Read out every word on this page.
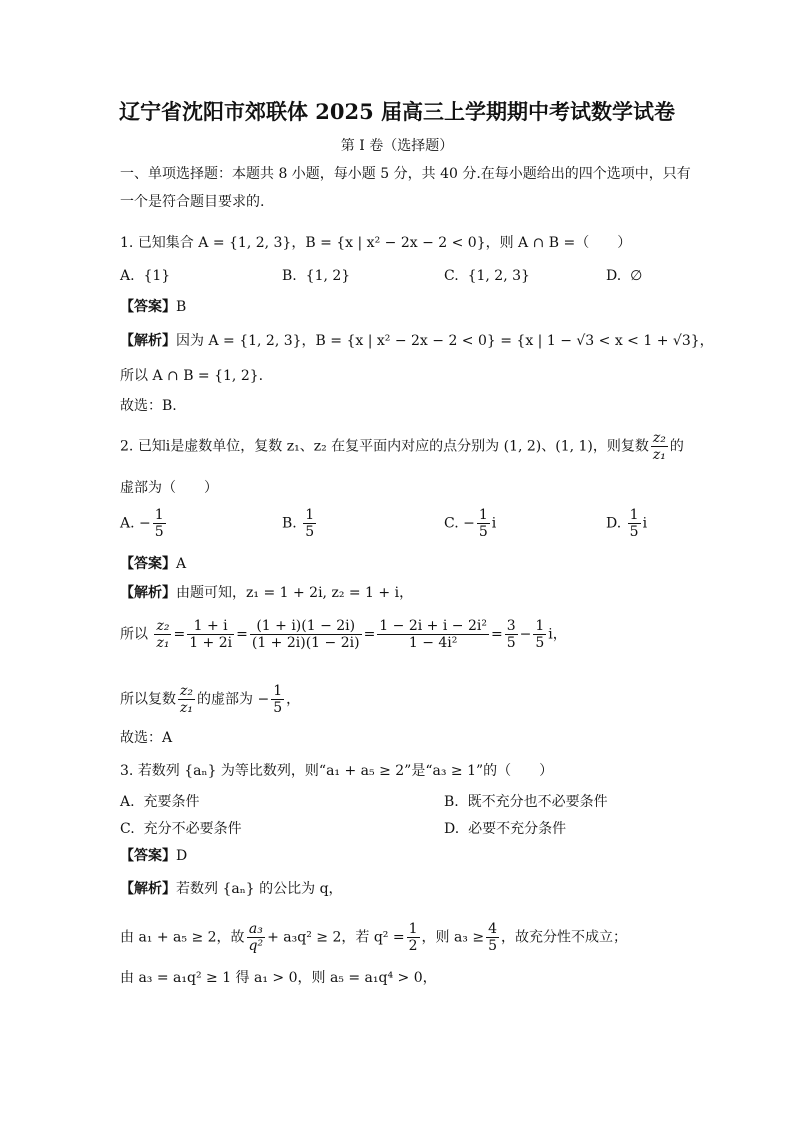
辽宁省沈阳市郊联体 2025 届高三上学期期中考试数学试卷
第 I 卷（选择题）
一、单项选择题：本题共 8 小题，每小题 5 分，共 40 分.在每小题给出的四个选项中，只有
一个是符合题目要求的.
1. 已知集合 A = {1, 2, 3}，B = {x | x² − 2x − 2 < 0}，则 A ∩ B =（　　）
A. {1}	B. {1, 2}	C. {1, 2, 3}	D. ∅
【答案】B
【解析】因为 A = {1, 2, 3}，B = {x | x² − 2x − 2 < 0} = {x | 1 − √3 < x < 1 + √3}，
所以 A ∩ B = {1, 2}.
故选：B.
2. 已知i是虚数单位，复数 z₁、z₂ 在复平面内对应的点分别为 (1, 2)、(1, 1)，则复数 $\frac{\text{z₂}}{\text{z₁}}$ 的
虚部为（　　）
A. − $\frac{1}{5}$	B. $\frac{1}{5}$	C. − $\frac{1}{5}$ i	D. $\frac{1}{5}$ i
【答案】A
【解析】由题可知，z₁ = 1 + 2i, z₂ = 1 + i，
所以 $\frac{\text{z₂}}{\text{z₁}} = \frac{1 + i}{1 + 2i} = \frac{(1 + i)(1 - 2i)}{(1 + 2i)(1 - 2i)} = \frac{\text{1 − 2i + i − 2i²}}{\text{1 − 4i²}} = \frac{3}{5} - \frac{1}{5}$ i，
所以复数 $\frac{\text{z₂}}{\text{z₁}}$ 的虚部为 − $\frac{1}{5}$ ，
故选：A
3. 若数列 {aₙ} 为等比数列，则“a₁ + a₅ ≥ 2”是“a₃ ≥ 1”的（　　）
A. 充要条件	B. 既不充分也不必要条件
C. 充分不必要条件	D. 必要不充分条件
【答案】D
【解析】若数列 {aₙ} 的公比为 q，
由 a₁ + a₅ ≥ 2，故 $\frac{\text{a₃}}{\text{q²}} + a_3q^2 \ge 2$，若 $q^2 = \frac{1}{2}$ ，则 $a_3 \ge \frac{4}{5}$ ，故充分性不成立；
由 a₃ = a₁q² ≥ 1 得 a₁ > 0，则 a₅ = a₁q⁴ > 0，
